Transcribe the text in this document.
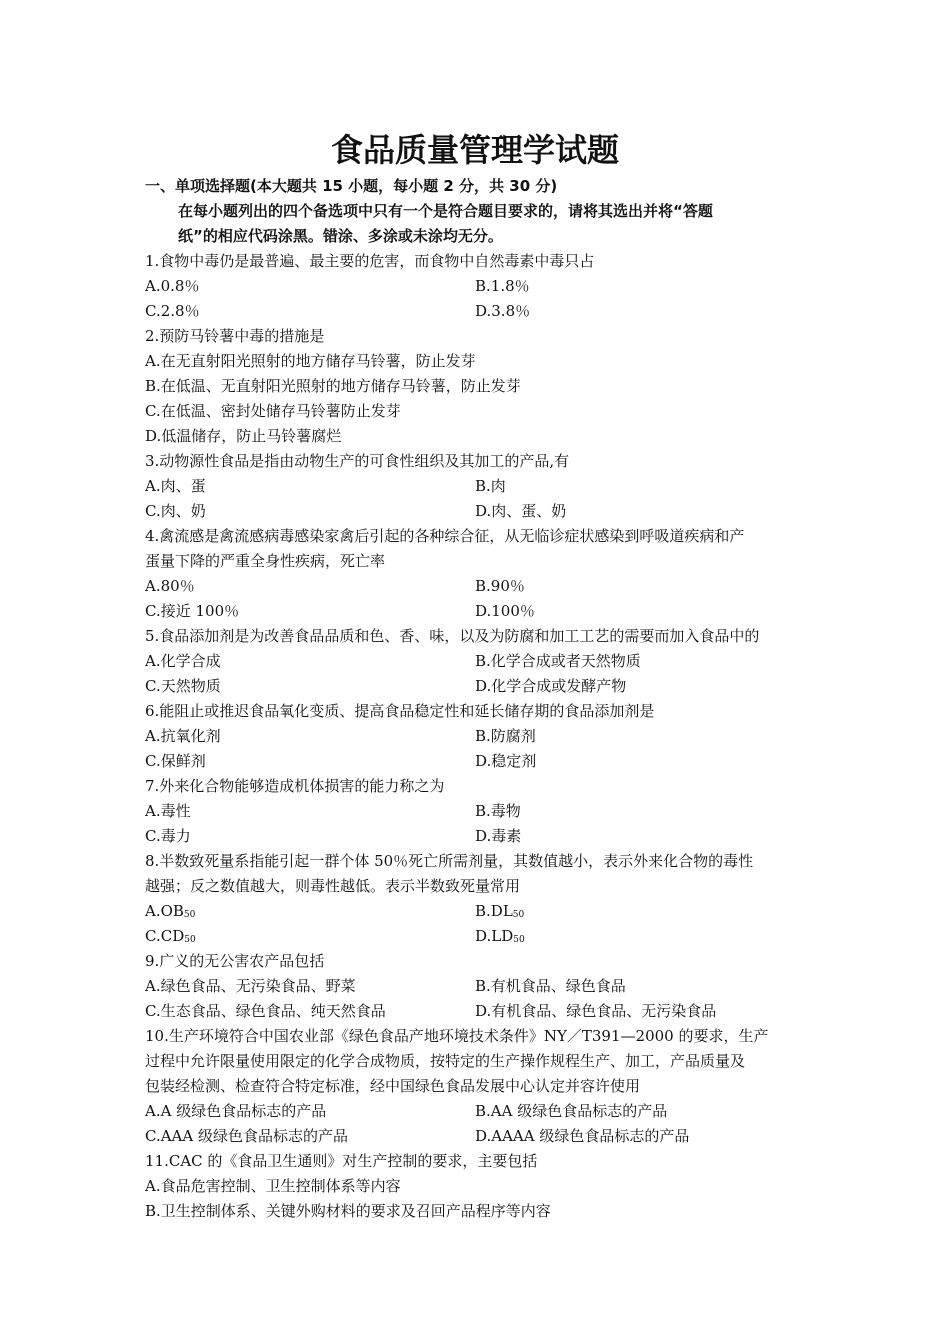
食品质量管理学试题
一、单项选择题(本大题共 15 小题，每小题 2 分，共 30 分)
在每小题列出的四个备选项中只有一个是符合题目要求的，请将其选出并将“答题
纸”的相应代码涂黑。错涂、多涂或未涂均无分。
1.食物中毒仍是最普遍、最主要的危害，而食物中自然毒素中毒只占
A.0.8％	B.1.8％
C.2.8％	D.3.8％
2.预防马铃薯中毒的措施是
A.在无直射阳光照射的地方储存马铃薯，防止发芽
B.在低温、无直射阳光照射的地方储存马铃薯，防止发芽
C.在低温、密封处储存马铃薯防止发芽
D.低温储存，防止马铃薯腐烂
3.动物源性食品是指由动物生产的可食性组织及其加工的产品,有
A.肉、蛋	B.肉
C.肉、奶	D.肉、蛋、奶
4.禽流感是禽流感病毒感染家禽后引起的各种综合征，从无临诊症状感染到呼吸道疾病和产
蛋量下降的严重全身性疾病，死亡率
A.80％	B.90％
C.接近 100％	D.100％
5.食品添加剂是为改善食品品质和色、香、味，以及为防腐和加工工艺的需要而加入食品中的
A.化学合成	B.化学合成或者天然物质
C.天然物质	D.化学合成或发酵产物
6.能阻止或推迟食品氧化变质、提高食品稳定性和延长储存期的食品添加剂是
A.抗氧化剂	B.防腐剂
C.保鲜剂	D.稳定剂
7.外来化合物能够造成机体损害的能力称之为
A.毒性	B.毒物
C.毒力	D.毒素
8.半数致死量系指能引起一群个体 50％死亡所需剂量，其数值越小，表示外来化合物的毒性
越强；反之数值越大，则毒性越低。表示半数致死量常用
$A.OB_{50}$	$B.DL_{50}$
$C.CD_{50}$	$D.LD_{50}$
9.广义的无公害农产品包括
A.绿色食品、无污染食品、野菜	B.有机食品、绿色食品
C.生态食品、绿色食品、纯天然食品	D.有机食品、绿色食品、无污染食品
10.生产环境符合中国农业部《绿色食品产地环境技术条件》NY／T391—2000 的要求，生产
过程中允许限量使用限定的化学合成物质，按特定的生产操作规程生产、加工，产品质量及
包装经检测、检查符合特定标准，经中国绿色食品发展中心认定并容许使用
A.A 级绿色食品标志的产品	B.AA 级绿色食品标志的产品
C.AAA 级绿色食品标志的产品	D.AAAA 级绿色食品标志的产品
11.CAC 的《食品卫生通则》对生产控制的要求，主要包括
A.食品危害控制、卫生控制体系等内容
B.卫生控制体系、关键外购材料的要求及召回产品程序等内容
